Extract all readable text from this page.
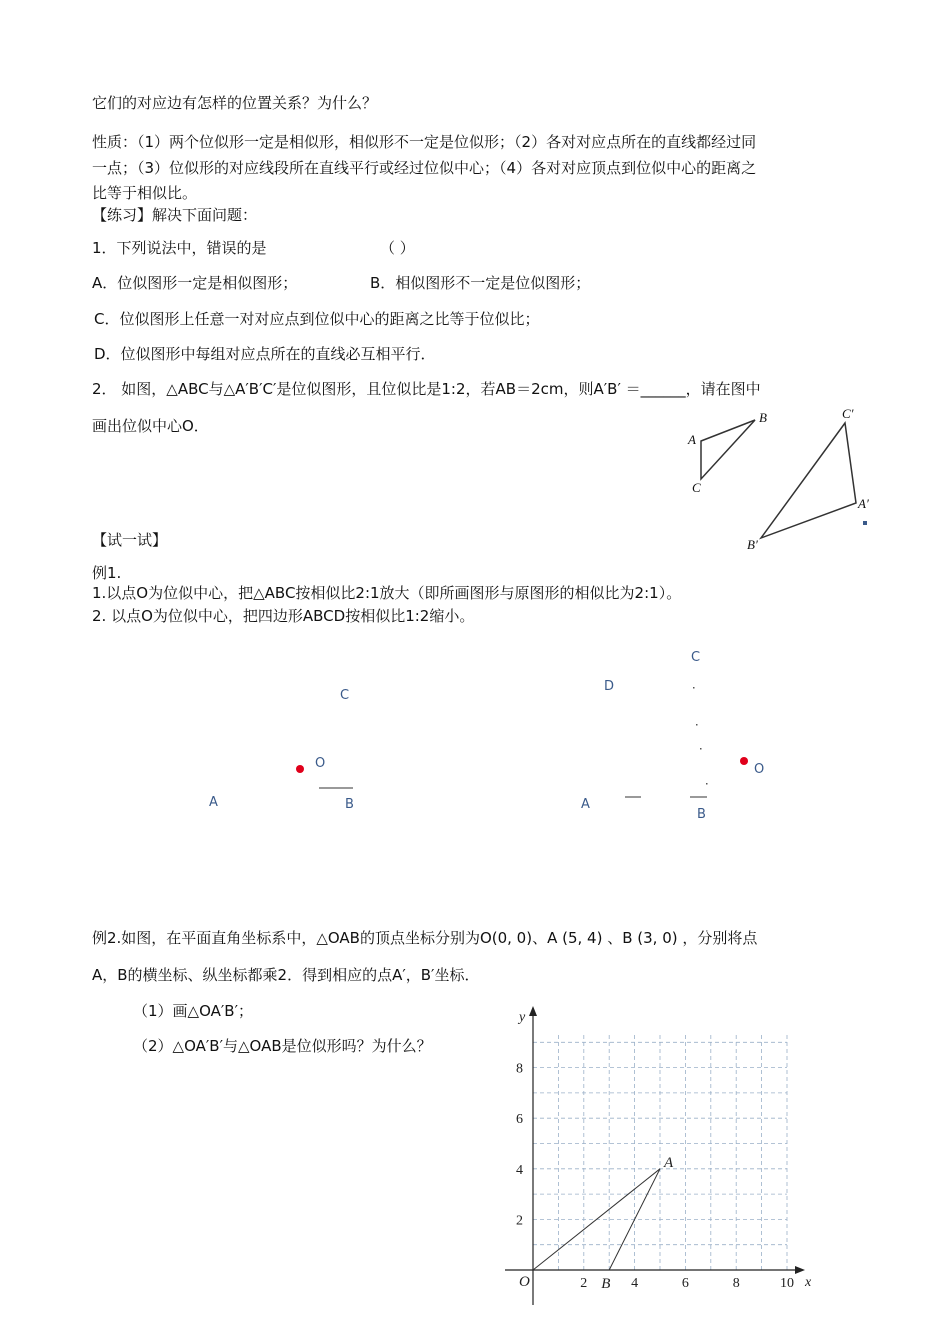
它们的对应边有怎样的位置关系？为什么？
性质：（1）两个位似形一定是相似形，相似形不一定是位似形；（2）各对对应点所在的直线都经过同
一点；（3）位似形的对应线段所在直线平行或经过位似中心；（4）各对对应顶点到位似中心的距离之
比等于相似比。
【练习】解决下面问题：
1．下列说法中，错误的是	（ ）
A．位似图形一定是相似图形；	B．相似图形不一定是位似图形；
C．位似图形上任意一对对应点到位似中心的距离之比等于位似比；
D．位似图形中每组对应点所在的直线必互相平行．
2． 如图，△ABC与△A′B′C′是位似图形，且位似比是1:2，若AB＝2cm，则A′B′ ＝______，请在图中
画出位似中心O．
A
B
C
A′
B′
C′
【试一试】
例1.
1.以点O为位似中心，把△ABC按相似比2:1放大（即所画图形与原图形的相似比为2:1）。
2. 以点O为位似中心，把四边形ABCD按相似比1:2缩小。
C
O
A	B
C
D
O
A
B
例2.如图，在平面直角坐标系中，△OAB的顶点坐标分别为O(0, 0)、A (5, 4) 、B (3, 0) ，分别将点
A，B的横坐标、纵坐标都乘2．得到相应的点A′，B′坐标．
（1）画△OA′B′；
（2）△OA′B′与△OAB是位似形吗？为什么？
x
y
2	4	6	8	10
2
4
6
8
O
A
B
